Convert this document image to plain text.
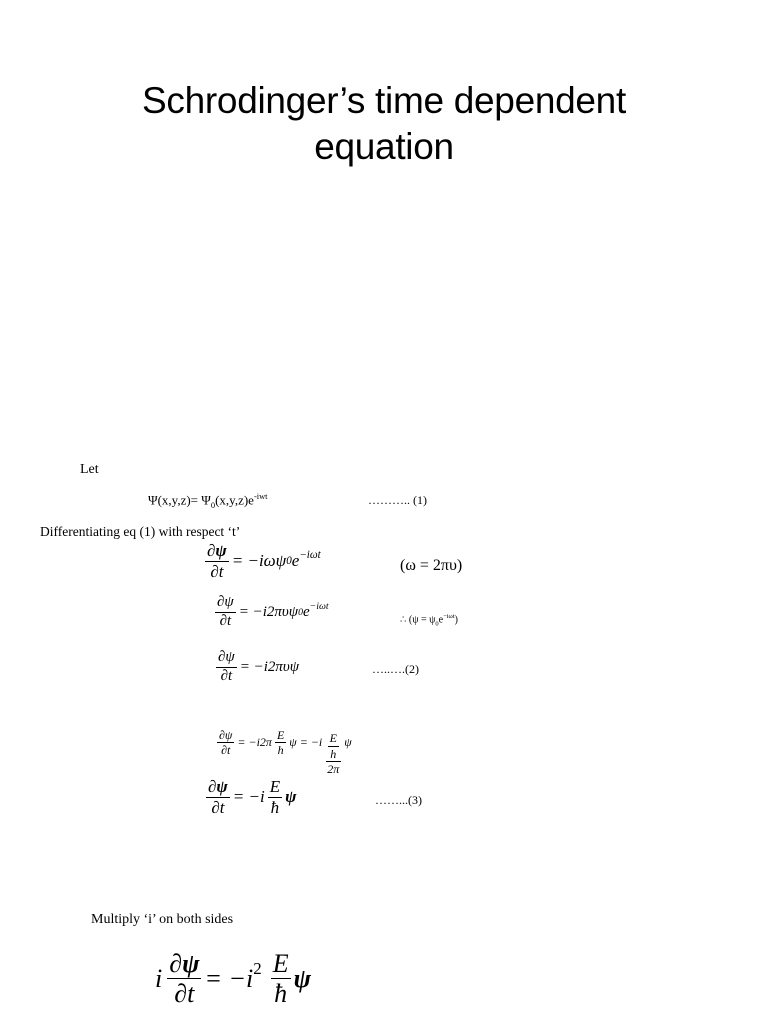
Schrodinger’s time dependent
equation
Let
$\Psi(x,y,z)= \Psi_0(x,y,z)e^{-iwt}$	……….. (1)
Differentiating eq (1) with respect ‘t’
$\frac{\partial\psi}{\partial t} = -i\omega\psi$ 0 $e^{-i\omega t}$
(ω = 2πυ)
$\frac{\partial\psi}{\partial t} = -i2\pi\upsilon\psi$ 0 $e^{-i\omega t}$
∴ $(\psi = \psi_0e^{-i\omega t})$
$\frac{\partial\psi}{\partial t} = -i2\pi\upsilon\psi$	…..….(2)
$\frac{\partial\psi}{\partial t} = -i2\pi \frac{E}{h}$ $\psi = -i \frac{\frac{E}{h}}{2\pi}$ ψ
$\frac{\partial\psi}{\partial t} = -i \frac{E}{ħ}$ ψ	……...(3)
Multiply ‘i’ on both sides
i $\frac{\partial\psi}{\partial t} = -i^2 \frac{E}{ħ}$ ψ
